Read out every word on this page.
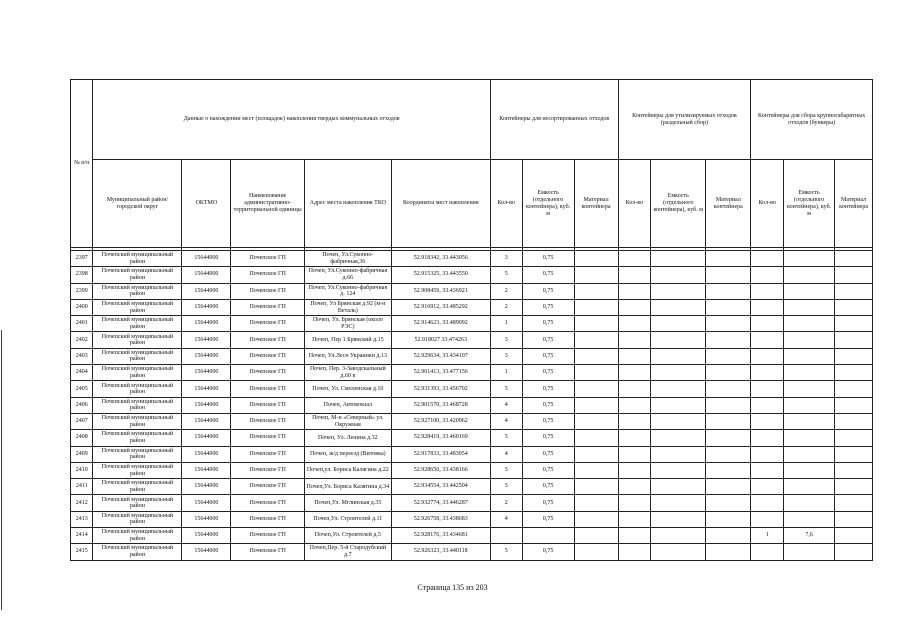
№ п/п	Данные о нахождении мест (площадок) накопления твердых коммунальных отходов					Контейнеры для несортированных отходов			Контейнеры для утилизируемых отходов (раздельный сбор)			Контейнеры для сбора крупногабаритных отходов (бункеры)		
	Муниципальный район/городской округ	ОКТМО	Наименование административно-территориальной единицы	Адрес места накопления ТКО	Координаты мест накопления	Кол-во	Емкость (отдельного контейнера), куб. м	Материал контейнера	Кол-во	Емкость (отдельного контейнера), куб. м	Материал контейнера	Кол-во	Емкость (отдельного контейнера), куб. м	Материал контейнера

2397	Почепский муниципальный район	15644000	Почепское ГП	Почеп, Ул.Суконно-фабричная,36	52.918342, 33.443056	3	0,75							
2398	Почепский муниципальный район	15644000	Почепское ГП	Почеп, Ул.Суконно-фабричная д.66	52.915325, 33.443550	5	0,75							
2399	Почепский муниципальный район	15644000	Почепское ГП	Почеп, Ул.Суконно-фабричная д. 124	52.908459, 33.436921	2	0,75							
2400	Почепский муниципальный район	15644000	Почепское ГП	Почеп, Ул Брянская д.92 (м-н Веталь)	52.916912, 33.485292	2	0,75							
2401	Почепский муниципальный район	15644000	Почепское ГП	Почеп, Ул. Брянская (около РЭС)	52.914623, 33.489092	1	0,75							
2402	Почепский муниципальный район	15644000	Почепское ГП	Почеп, Пер 1 Брянский д.15	52.918027 33.474263	3	0,75							
2403	Почепский муниципальный район	15644000	Почепское ГП	Почеп, Ул.Лесн Украинки д.13	52.929634, 33.434107	3	0,75							
2404	Почепский муниципальный район	15644000	Почепское ГП	Почеп, Пер. 3-Заводскальный д.60 в	52.901413, 33.477156	1	0,75							
2405	Почепский муниципальный район	15644000	Почепское ГП	Почеп, Ул. Смоленская д.10	52.931393, 33.456702	5	0,75							
2406	Почепский муниципальный район	15644000	Почепское ГП	Почеп, Автовокзал	52.901570, 33.468728	4	0,75							
2407	Почепский муниципальный район	15644000	Почепское ГП	Почеп, М-н «Северный» ул. Окружная	52.927100, 33.420962	4	0,75							
2408	Почепский муниципальный район	15644000	Почепское ГП	Почеп, Ул. Ленина д.32	52.928419, 33.460169	5	0,75							
2409	Почепский муниципальный район	15644000	Почепское ГП	Почеп, ж/д переезд (Витовка)	52.917833, 33.483054	4	0,75							
2410	Почепский муниципальный район	15644000	Почепское ГП	Почеп,ул. Бориса Калягина д.22	52.928650, 33.438166	5	0,75							
2411	Почепский муниципальный район	15644000	Почепское ГП	Почеп,Ул. Бориса Калягина д.34	52.934554, 33.442504	5	0,75							
2412	Почепский муниципальный район	15644000	Почепское ГП	Почеп,Ул. Мглинская д.35	52.932774, 33.446287	2	0,75							
2413	Почепский муниципальный район	15644000	Почепское ГП	Почеп,Ул. Строителей д.11	52.926758, 33.438683	4	0,75							
2414	Почепский муниципальный район	15644000	Почепское ГП	Почеп,Ул. Строителей д.5	52.928176, 33.434681							1	7,6	
2415	Почепский муниципальный район	15644000	Почепское ГП	Почеп,Пер. 5-й Стародубский д.7	52.926323, 33.440118	5	0,75							
Страница 135 из 203
